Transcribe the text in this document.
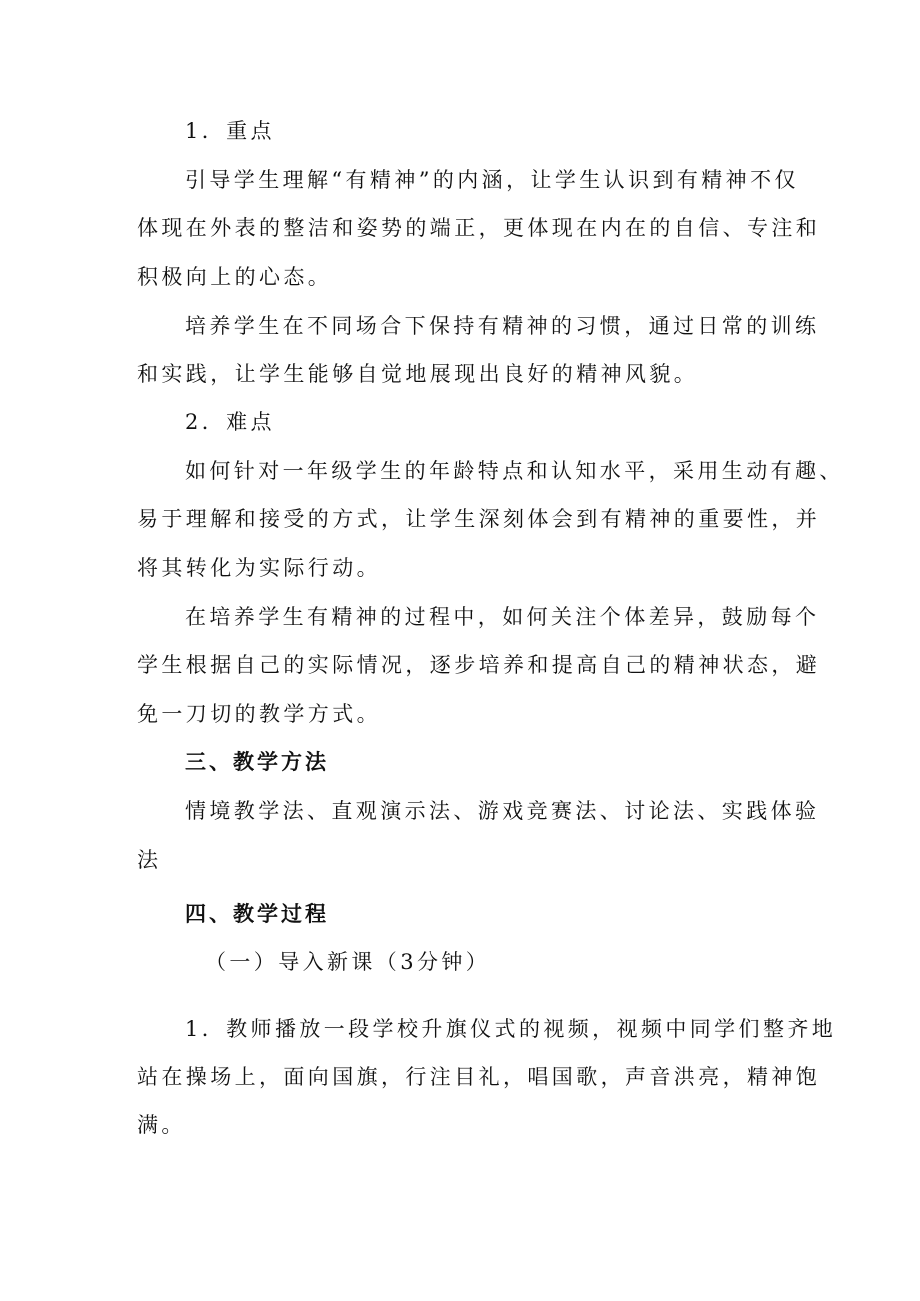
1．重点
引导学生理解“有精神”的内涵，让学生认识到有精神不仅
体现在外表的整洁和姿势的端正，更体现在内在的自信、专注和
积极向上的心态。
培养学生在不同场合下保持有精神的习惯，通过日常的训练
和实践，让学生能够自觉地展现出良好的精神风貌。
2．难点
如何针对一年级学生的年龄特点和认知水平，采用生动有趣、
易于理解和接受的方式，让学生深刻体会到有精神的重要性，并
将其转化为实际行动。
在培养学生有精神的过程中，如何关注个体差异，鼓励每个
学生根据自己的实际情况，逐步培养和提高自己的精神状态，避
免一刀切的教学方式。
三、教学方法
情境教学法、直观演示法、游戏竞赛法、讨论法、实践体验
法
四、教学过程
（一）导入新课（3分钟）
1．教师播放一段学校升旗仪式的视频，视频中同学们整齐地
站在操场上，面向国旗，行注目礼，唱国歌，声音洪亮，精神饱
满。
